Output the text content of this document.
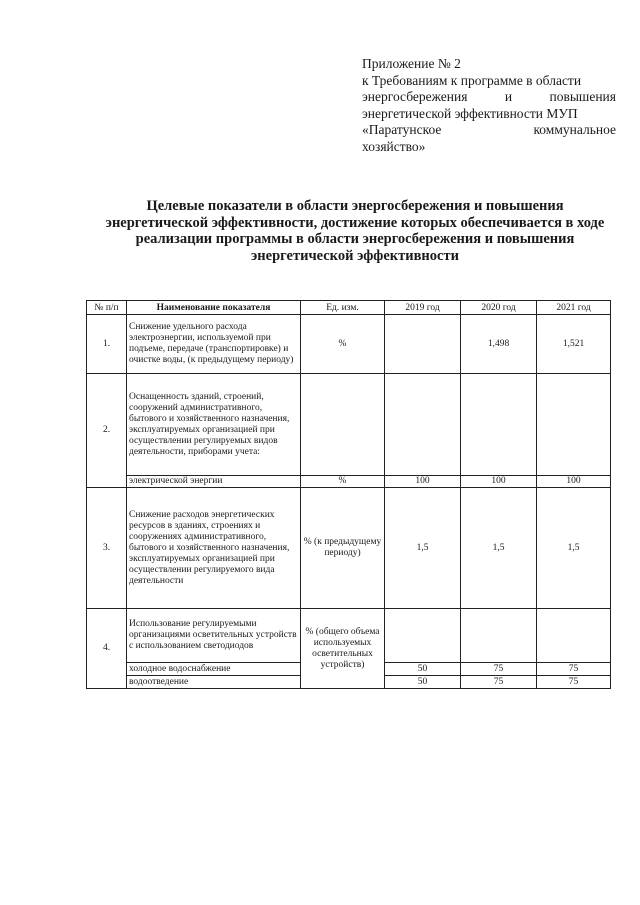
Приложение № 2
к Требованиям к программе в области
энергосбережения	и	повышения
энергетической эффективности МУП
«Паратунское	коммунальное
хозяйство»
Целевые показатели в области энергосбережения и повышения энергетической эффективности, достижение которых обеспечивается в ходе реализации программы в области энергосбережения и повышения энергетической эффективности
№ п/п	Наименование показателя	Ед. изм.	2019 год	2020 год	2021 год
1.	Снижение удельного расхода электроэнергии, используемой при подъеме, передаче (транспортировке) и очистке воды, (к предыдущему периоду)	%		1,498	1,521
2.	Оснащенность зданий, строений, сооружений административного, бытового и хозяйственного назначения, эксплуатируемых организацией при осуществлении регулируемых видов деятельности, приборами учета:				
	электрической энергии	%	100	100	100
3.	Снижение расходов энергетических ресурсов в зданиях, строениях и сооружениях административного, бытового и хозяйственного назначения, эксплуатируемых организацией при осуществлении регулируемого вида деятельности	% (к предыдущему периоду)	1,5	1,5	1,5
4.	Использование регулируемыми организациями осветительных устройств с использованием светодиодов	% (общего объема используемых осветительных устройств)			
	холодное водоснабжение		50	75	75
	водоотведение		50	75	75
